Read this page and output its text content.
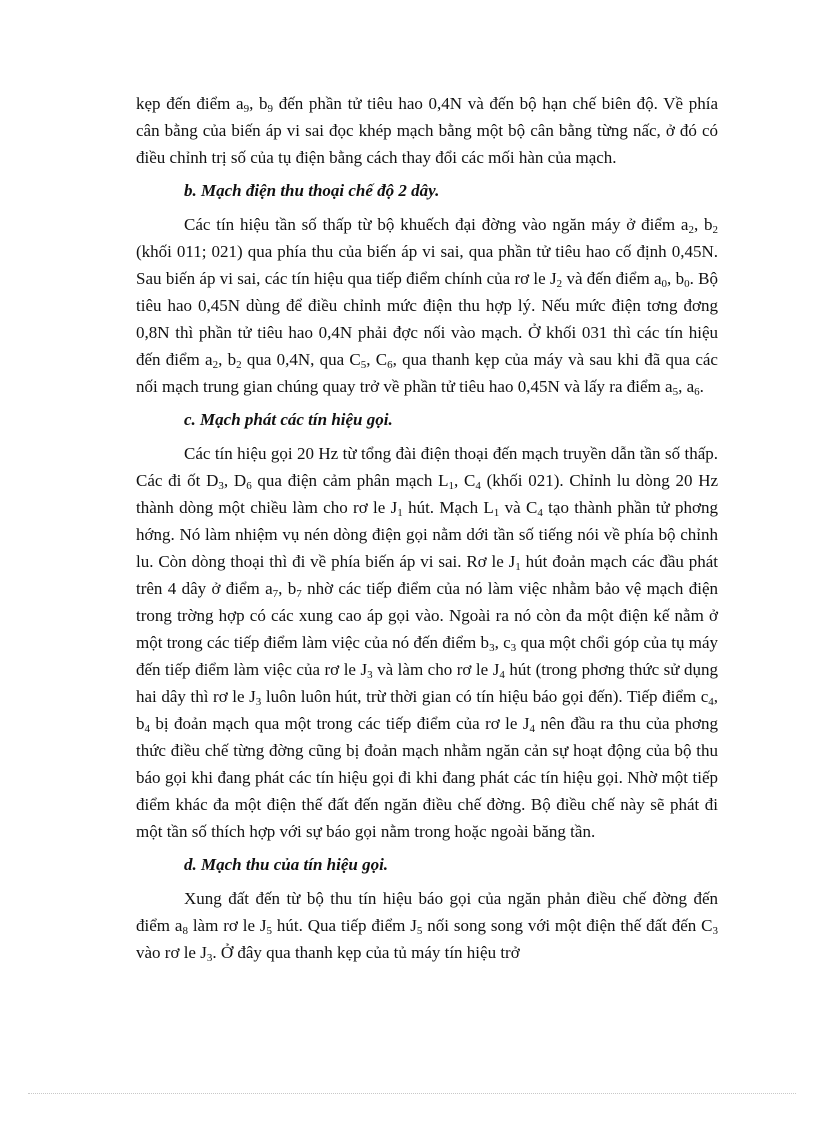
kẹp đến điểm $a_9$, $b_9$ đến phần tử tiêu hao 0,4N và đến bộ hạn chế biên độ. Về phía cân bằng của biến áp vi sai đọc khép mạch bằng một bộ cân bằng từng nấc, ở đó có điều chỉnh trị số của tụ điện bằng cách thay đổi các mối hàn của mạch.

b. Mạch điện thu thoại chế độ 2 dây.

Các tín hiệu tần số thấp từ bộ khuếch đại đờng vào ngăn máy ở điểm $a_2$, $b_2$ (khối 011; 021) qua phía thu của biến áp vi sai, qua phần tử tiêu hao cố định 0,45N. Sau biến áp vi sai, các tín hiệu qua tiếp điểm chính của rơ le $J_2$ và đến điểm $a_0$, $b_0$. Bộ tiêu hao 0,45N dùng để điều chỉnh mức điện thu hợp lý. Nếu mức điện tơng đơng 0,8N thì phần tử tiêu hao 0,4N phải đợc nối vào mạch. Ở khối 031 thì các tín hiệu đến điểm $a_2$, $b_2$ qua 0,4N, qua $C_5$, $C_6$, qua thanh kẹp của máy và sau khi đã qua các nối mạch trung gian chúng quay trở về phần tử tiêu hao 0,45N và lấy ra điểm $a_5$, $a_6$.

c. Mạch phát các tín hiệu gọi.

Các tín hiệu gọi 20 Hz từ tổng đài điện thoại đến mạch truyền dẫn tần số thấp. Các đi ốt $D_3$, $D_6$ qua điện cảm phân mạch $L_1$, $C_4$ (khối 021). Chỉnh lu dòng 20 Hz thành dòng một chiều làm cho rơ le $J_1$ hút. Mạch $L_1$ và $C_4$ tạo thành phần tử phơng hớng. Nó làm nhiệm vụ nén dòng điện gọi nằm dới tần số tiếng nói về phía bộ chỉnh lu. Còn dòng thoại thì đi về phía biến áp vi sai. Rơ le $J_1$ hút đoản mạch các đầu phát trên 4 dây ở điểm $a_7$, $b_7$ nhờ các tiếp điểm của nó làm việc nhằm bảo vệ mạch điện trong trờng hợp có các xung cao áp gọi vào. Ngoài ra nó còn đa một điện kế nằm ở một trong các tiếp điểm làm việc của nó đến điểm $b_3$, $c_3$ qua một chổi góp của tụ máy đến tiếp điểm làm việc của rơ le $J_3$ và làm cho rơ le $J_4$ hút (trong phơng thức sử dụng hai dây thì rơ le $J_3$ luôn luôn hút, trừ thời gian có tín hiệu báo gọi đến). Tiếp điểm $c_4$, $b_4$ bị đoản mạch qua một trong các tiếp điểm của rơ le $J_4$ nên đầu ra thu của phơng thức điều chế từng đờng cũng bị đoản mạch nhằm ngăn cản sự hoạt động của bộ thu báo gọi khi đang phát các tín hiệu gọi đi khi đang phát các tín hiệu gọi. Nhờ một tiếp điểm khác đa một điện thế đất đến ngăn điều chế đờng. Bộ điều chế này sẽ phát đi một tần số thích hợp với sự báo gọi nằm trong hoặc ngoài băng tần.

d. Mạch thu của tín hiệu gọi.

Xung đất đến từ bộ thu tín hiệu báo gọi của ngăn phản điều chế đờng đến điểm $a_8$ làm rơ le $J_5$ hút. Qua tiếp điểm $J_5$ nối song song với một điện thế đất đến $C_3$ vào rơ le $J_3$. Ở đây qua thanh kẹp của tủ máy tín hiệu trở
